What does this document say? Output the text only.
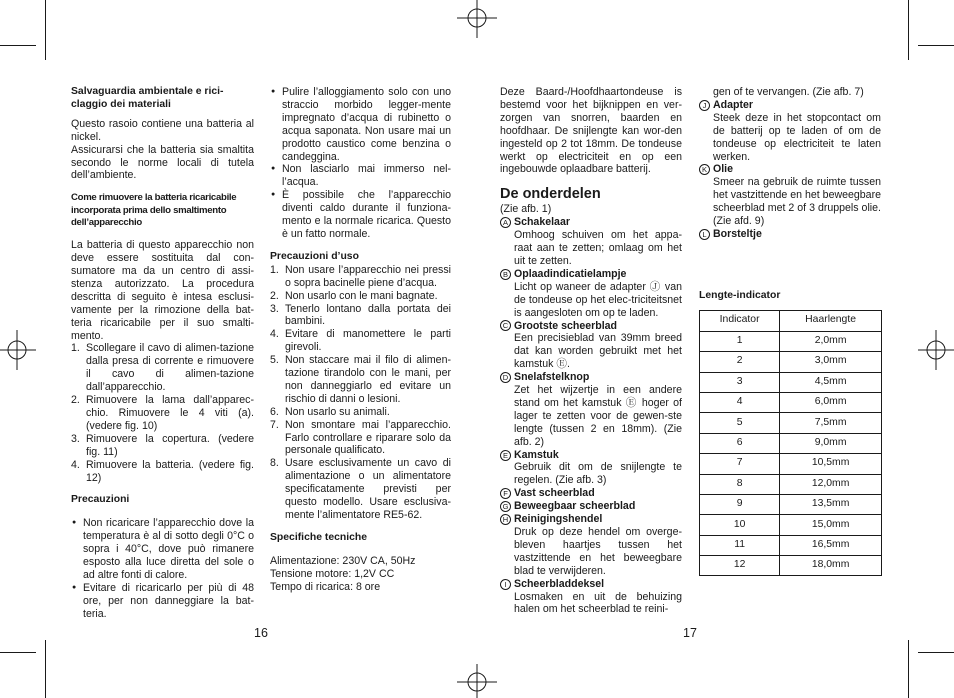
Salvaguardia ambientale e rici-claggio dei materiali
Questo rasoio contiene una batteria al nickel.
Assicurarsi che la batteria sia smaltita secondo le norme locali di tutela dell’ambiente.
Come rimuovere la batteria ricaricabile incorporata prima dello smaltimento dell’apparecchio
La batteria di questo apparecchio non deve essere sostituita dal con-sumatore ma da un centro di assi-stenza autorizzato. La procedura descritta di seguito è intesa esclusi-vamente per la rimozione della bat-teria ricaricabile per il suo smalti-mento.
1. Scollegare il cavo di alimen-tazione dalla presa di corrente e rimuovere il cavo di alimen-tazione dall’apparecchio.
2. Rimuovere la lama dall’apparec-chio. Rimuovere le 4 viti (a). (vedere fig. 10)
3. Rimuovere la copertura. (vedere fig. 11)
4. Rimuovere la batteria. (vedere fig. 12)
Precauzioni
● Non ricaricare l’apparecchio dove la temperatura è al di sotto degli 0°C o sopra i 40°C, dove può rimanere esposto alla luce diretta del sole o ad altre fonti di calore.
● Evitare di ricaricarlo per più di 48 ore, per non danneggiare la bat-teria.
● Pulire l’alloggiamento solo con uno straccio morbido legger-mente impregnato d’acqua di rubinetto o acqua saponata. Non usare mai un prodotto caustico come benzina o candeggina.
● Non lasciarlo mai immerso nel-l’acqua.
● È possibile che l’apparecchio diventi caldo durante il funziona-mento e la normale ricarica. Questo è un fatto normale.
Precauzioni d’uso
1. Non usare l’apparecchio nei pressi o sopra bacinelle piene d’acqua.
2. Non usarlo con le mani bagnate.
3. Tenerlo lontano dalla portata dei bambini.
4. Evitare di manomettere le parti girevoli.
5. Non staccare mai il filo di alimen-tazione tirandolo con le mani, per non danneggiarlo ed evitare un rischio di danni o lesioni.
6. Non usarlo su animali.
7. Non smontare mai l’apparecchio. Farlo controllare e riparare solo da personale qualificato.
8. Usare esclusivamente un cavo di alimentazione o un alimentatore specificatamente previsti per questo modello. Usare esclusiva-mente l’alimentatore RE5-62.
Specifiche tecniche
Alimentazione: 230V CA, 50Hz
Tensione motore: 1,2V CC
Tempo di ricarica: 8 ore
Deze Baard-/Hoofdhaartondeuse is bestemd voor het bijknippen en ver-zorgen van snorren, baarden en hoofdhaar. De snijlengte kan wor-den ingesteld op 2 tot 18mm. De tondeuse werkt op electriciteit en op een ingebouwde oplaadbare batterij.
De onderdelen
(Zie afb. 1)
A Schakelaar
Omhoog schuiven om het appa-raat aan te zetten; omlaag om het uit te zetten.
B Oplaadindicatielampje
Licht op waneer de adapter Ⓙ van de tondeuse op het elec-triciteitsnet is aangesloten om op te laden.
C Grootste scheerblad
Een precisieblad van 39mm breed dat kan worden gebruikt met het kamstuk Ⓔ.
D Snelafstelknop
Zet het wijzertje in een andere stand om het kamstuk Ⓔ hoger of lager te zetten voor de gewen-ste lengte (tussen 2 en 18mm). (Zie afb. 2)
E Kamstuk
Gebruik dit om de snijlengte te regelen. (Zie afb. 3)
F Vast scheerblad
G Beweegbaar scheerblad
H Reinigingshendel
Druk op deze hendel om overge-bleven haartjes tussen het vastzittende en het beweegbare blad te verwijderen.
I Scheerbladdeksel
Losmaken en uit de behuizing halen om het scheerblad te reini-
gen of te vervangen. (Zie afb. 7)
J Adapter
Steek deze in het stopcontact om de batterij op te laden of om de tondeuse op electriciteit te laten werken.
K Olie
Smeer na gebruik de ruimte tussen het vastzittende en het beweegbare scheerblad met 2 of 3 druppels olie. (Zie afd. 9)
L Borsteltje
Lengte-indicator
Indicator	Haarlengte
1	2,0mm
2	3,0mm
3	4,5mm
4	6,0mm
5	7,5mm
6	9,0mm
7	10,5mm
8	12,0mm
9	13,5mm
10	15,0mm
11	16,5mm
12	18,0mm
16	17
